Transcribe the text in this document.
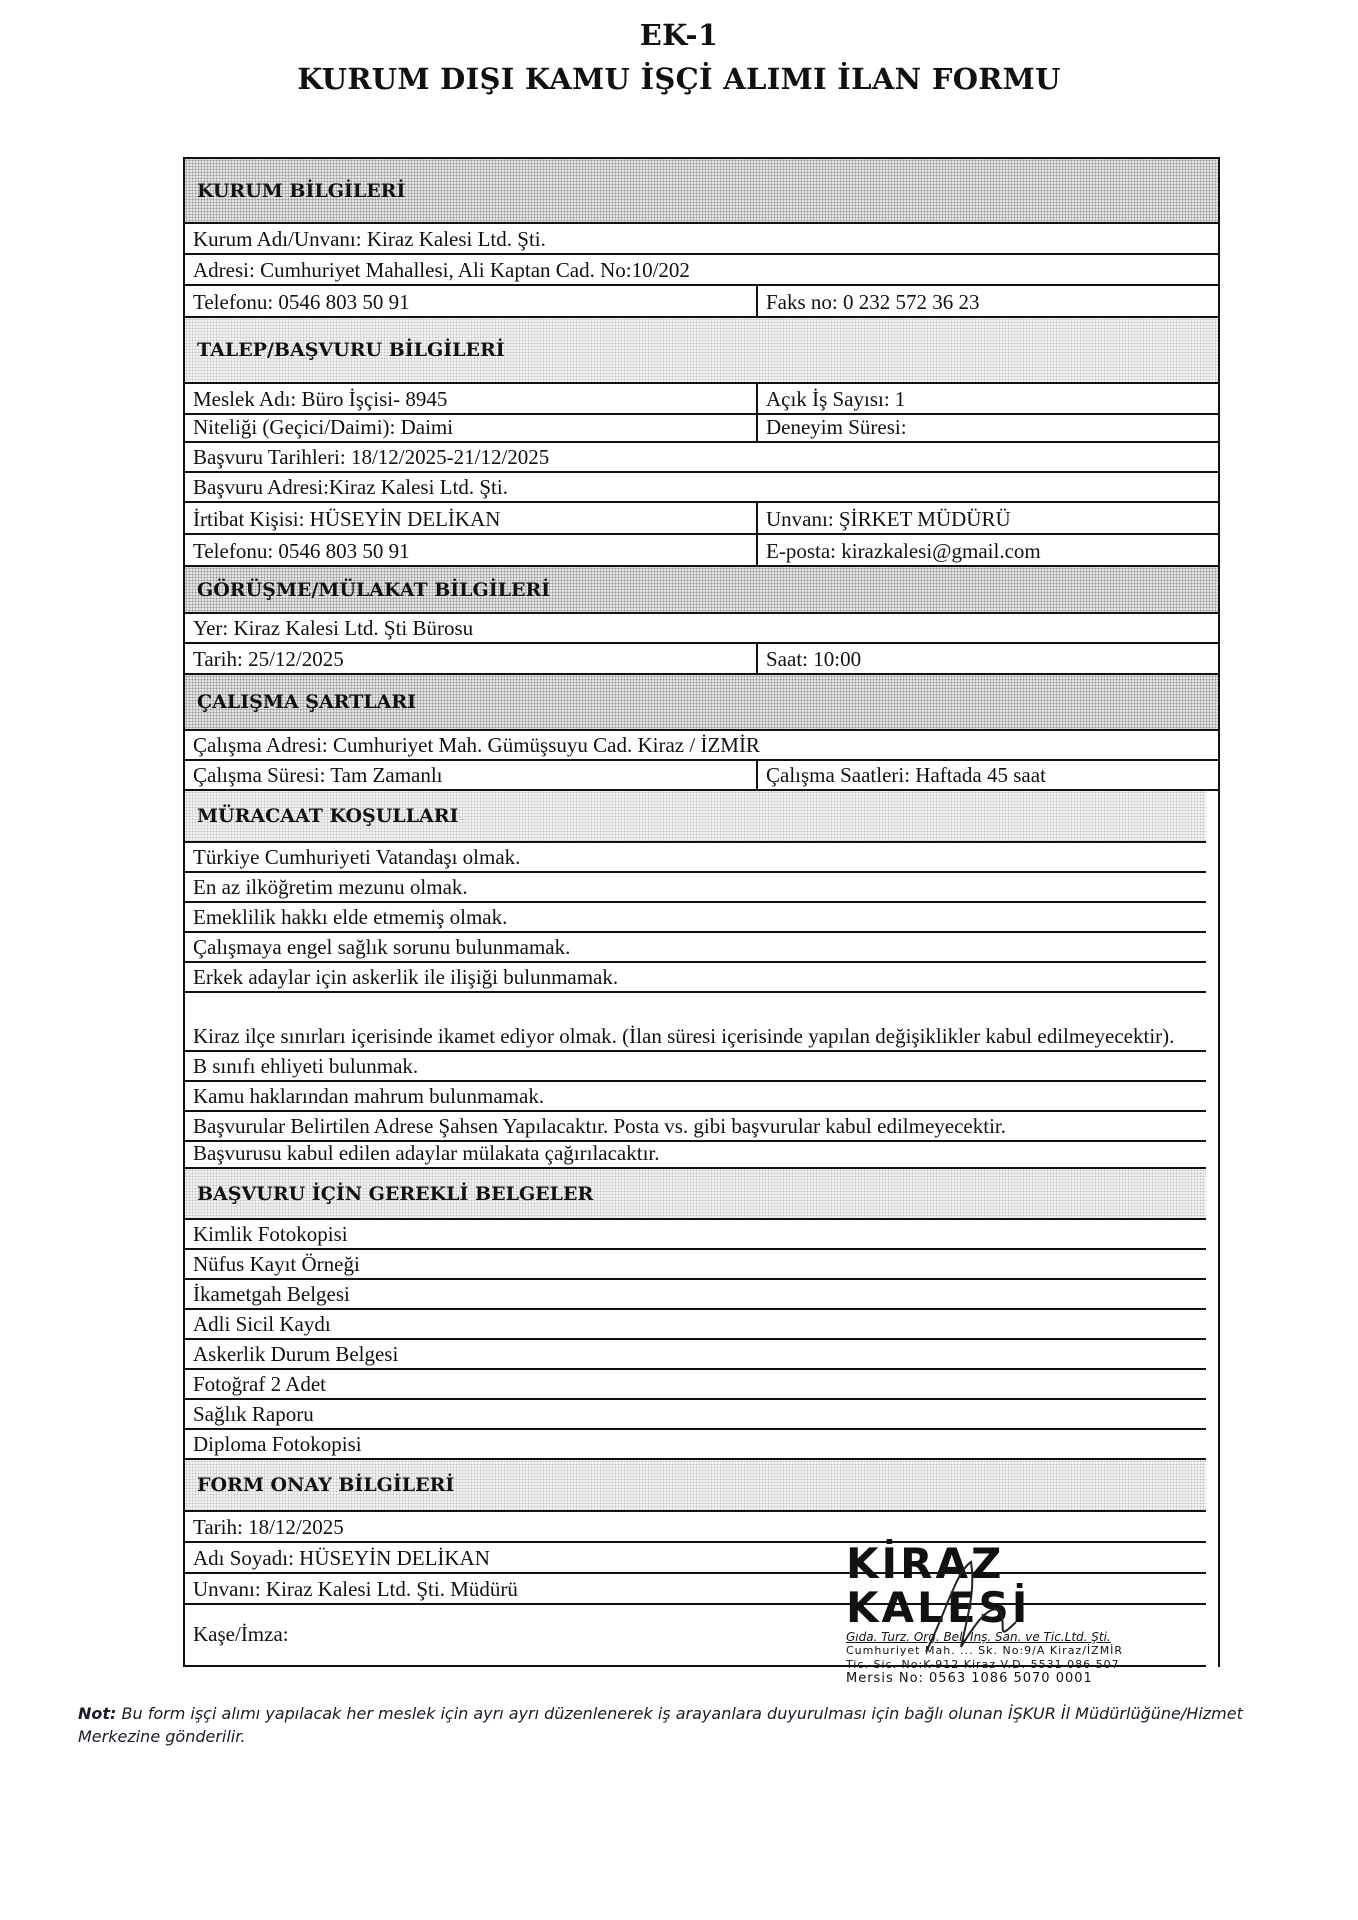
EK-1
KURUM DIŞI KAMU İŞÇİ ALIMI İLAN FORMU
KURUM BİLGİLERİ
Kurum Adı/Unvanı: Kiraz Kalesi Ltd. Şti.
Adresi: Cumhuriyet Mahallesi, Ali Kaptan Cad. No:10/202
Telefonu: 0546 803 50 91	Faks no: 0 232 572 36 23
TALEP/BAŞVURU BİLGİLERİ
Meslek Adı: Büro İşçisi- 8945	Açık İş Sayısı: 1
Niteliği (Geçici/Daimi): Daimi	Deneyim Süresi:
Başvuru Tarihleri: 18/12/2025-21/12/2025
Başvuru Adresi:Kiraz Kalesi Ltd. Şti.
İrtibat Kişisi: HÜSEYİN DELİKAN	Unvanı: ŞİRKET MÜDÜRÜ
Telefonu: 0546 803 50 91	E-posta: kirazkalesi@gmail.com
GÖRÜŞME/MÜLAKAT BİLGİLERİ
Yer: Kiraz Kalesi Ltd. Şti Bürosu
Tarih: 25/12/2025	Saat: 10:00
ÇALIŞMA ŞARTLARI
Çalışma Adresi: Cumhuriyet Mah. Gümüşsuyu Cad. Kiraz / İZMİR
Çalışma Süresi: Tam Zamanlı	Çalışma Saatleri: Haftada 45 saat
MÜRACAAT KOŞULLARI
Türkiye Cumhuriyeti Vatandaşı olmak.
En az ilköğretim mezunu olmak.
Emeklilik hakkı elde etmemiş olmak.
Çalışmaya engel sağlık sorunu bulunmamak.
Erkek adaylar için askerlik ile ilişiği bulunmamak.
Kiraz ilçe sınırları içerisinde ikamet ediyor olmak. (İlan süresi içerisinde yapılan değişiklikler kabul edilmeyecektir).
B sınıfı ehliyeti bulunmak.
Kamu haklarından mahrum bulunmamak.
Başvurular Belirtilen Adrese Şahsen Yapılacaktır. Posta vs. gibi başvurular kabul edilmeyecektir.
Başvurusu kabul edilen adaylar mülakata çağırılacaktır.
BAŞVURU İÇİN GEREKLİ BELGELER
Kimlik Fotokopisi
Nüfus Kayıt Örneği
İkametgah Belgesi
Adli Sicil Kaydı
Askerlik Durum Belgesi
Fotoğraf 2 Adet
Sağlık Raporu
Diploma Fotokopisi
FORM ONAY BİLGİLERİ
Tarih: 18/12/2025
Adı Soyadı: HÜSEYİN DELİKAN
Unvanı: Kiraz Kalesi Ltd. Şti. Müdürü
Kaşe/İmza:
KİRAZ KALESİ
Gıda. Turz. Org. Bel. İnş. San. ve Tic.Ltd. Şti.
Cumhuriyet Mah. ... Sk. No:9/A Kiraz/İZMİR
Tic. Sic. No:K-912 Kiraz V.D. 5531 086 507
Mersis No: 0563 1086 5070 0001
Not: Bu form işçi alımı yapılacak her meslek için ayrı ayrı düzenlenerek iş arayanlara duyurulması için bağlı olunan İŞKUR İl Müdürlüğüne/Hizmet Merkezine gönderilir.
